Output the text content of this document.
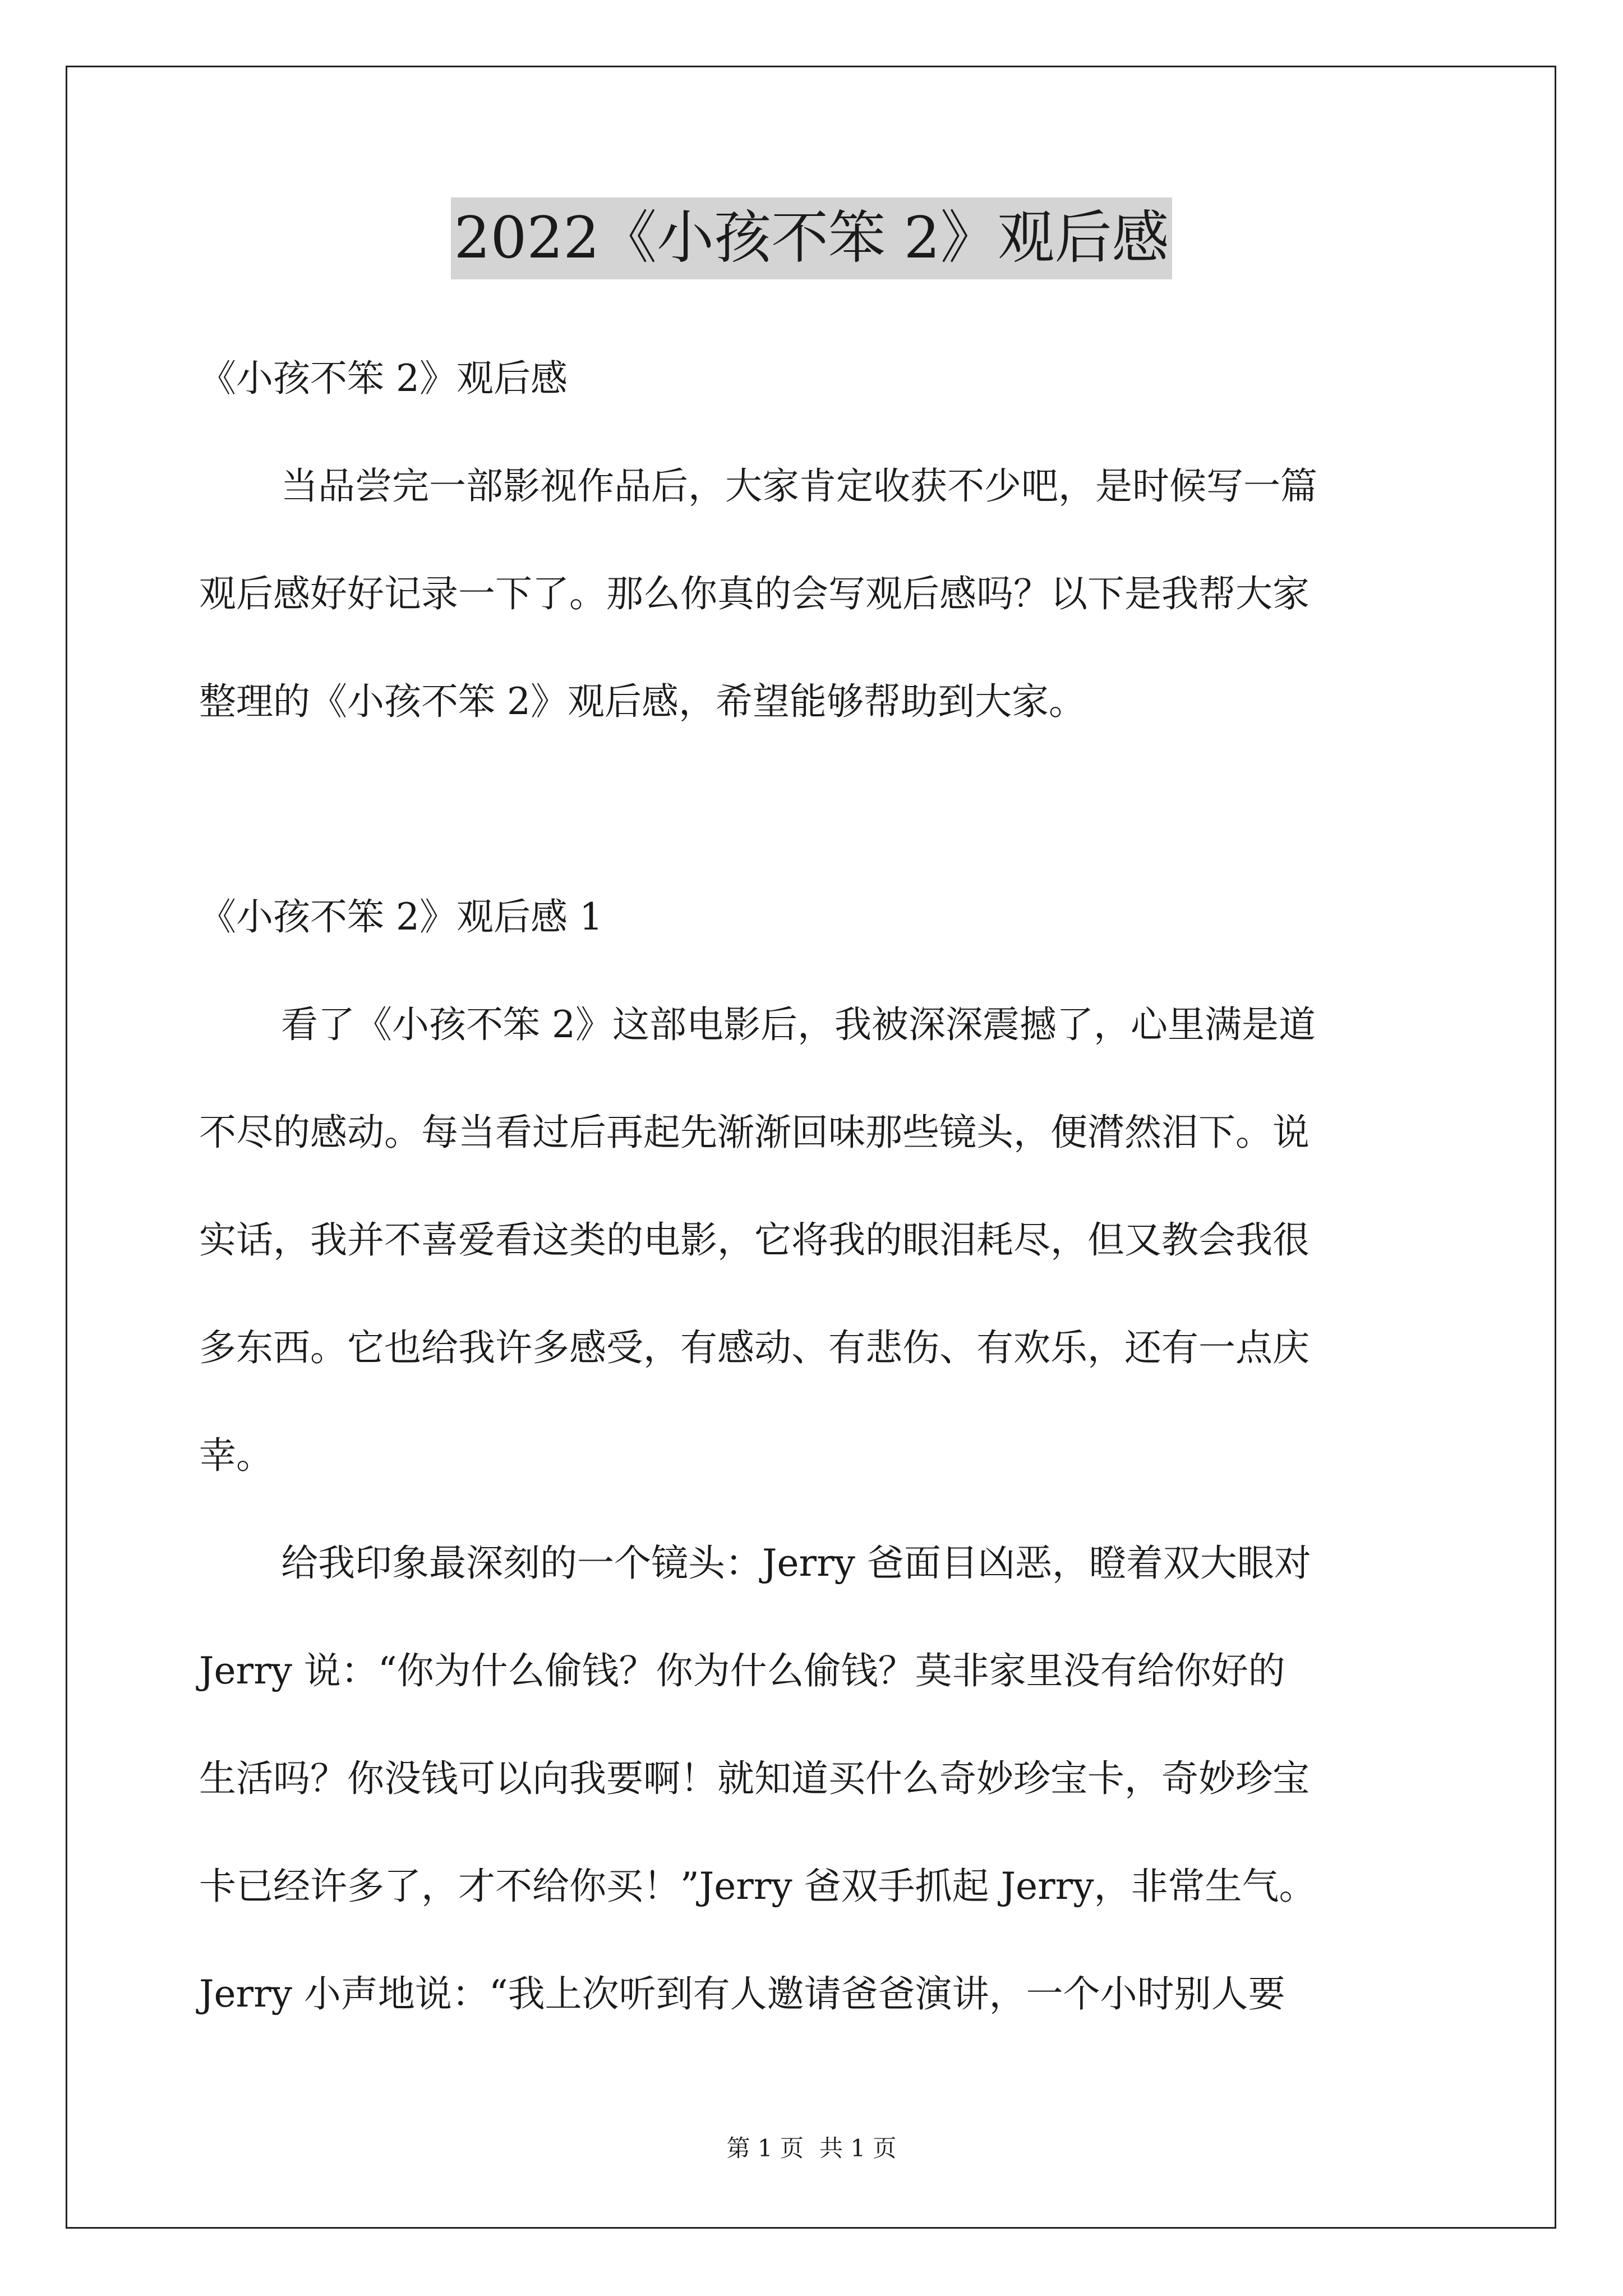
2022《小孩不笨 2》观后感
《小孩不笨 2》观后感
当品尝完一部影视作品后，大家肯定收获不少吧，是时候写一篇
观后感好好记录一下了。那么你真的会写观后感吗？以下是我帮大家
整理的《小孩不笨 2》观后感，希望能够帮助到大家。
《小孩不笨 2》观后感 1
看了《小孩不笨 2》这部电影后，我被深深震撼了，心里满是道
不尽的感动。每当看过后再起先渐渐回味那些镜头，便潸然泪下。说
实话，我并不喜爱看这类的电影，它将我的眼泪耗尽，但又教会我很
多东西。它也给我许多感受，有感动、有悲伤、有欢乐，还有一点庆
幸。
给我印象最深刻的一个镜头：Jerry 爸面目凶恶，瞪着双大眼对
Jerry 说：“你为什么偷钱？你为什么偷钱？莫非家里没有给你好的
生活吗？你没钱可以向我要啊！就知道买什么奇妙珍宝卡，奇妙珍宝
卡已经许多了，才不给你买！”Jerry 爸双手抓起 Jerry，非常生气。
Jerry 小声地说：“我上次听到有人邀请爸爸演讲，一个小时别人要
第 1 页 共 1 页
